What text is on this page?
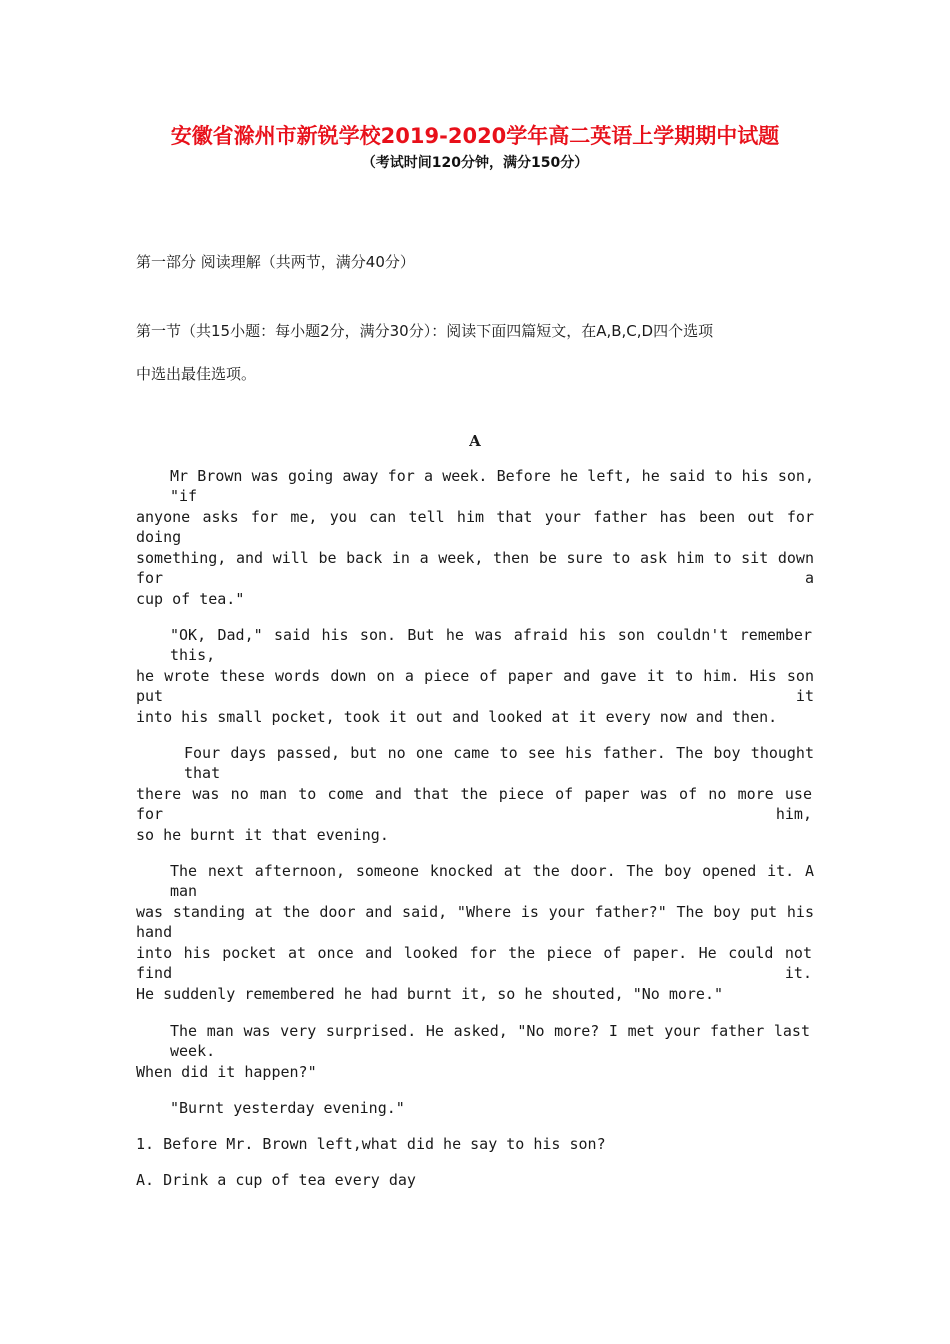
安徽省滁州市新锐学校2019-2020学年高二英语上学期期中试题
（考试时间120分钟，满分150分）
第一部分 阅读理解（共两节，满分40分）
第一节（共15小题：每小题2分，满分30分）：阅读下面四篇短文，在A,B,C,D四个选项
中选出最佳选项。
A
Mr Brown was going away for a week. Before he left, he said to his son, "if
anyone asks for me, you can tell him that your father has been out for doing
something, and will be back in a week, then be sure to ask him to sit down for a
cup of tea."
"OK, Dad," said his son. But he was afraid his son couldn't remember this,
he wrote these words down on a piece of paper and gave it to him. His son put it
into his small pocket, took it out and looked at it every now and then.
Four days passed, but no one came to see his father. The boy thought that
there was no man to come and that the piece of paper was of no more use for him,
so he burnt it that evening.
The next afternoon, someone knocked at the door. The boy opened it. A man
was standing at the door and said, "Where is your father?" The boy put his hand
into his pocket at once and looked for the piece of paper. He could not find it.
He suddenly remembered he had burnt it, so he shouted, "No more."
The man was very surprised. He asked, "No more? I met your father last week.
When did it happen?"
"Burnt yesterday evening."
1. Before Mr. Brown left,what did he say to his son?
A. Drink a cup of tea every day
